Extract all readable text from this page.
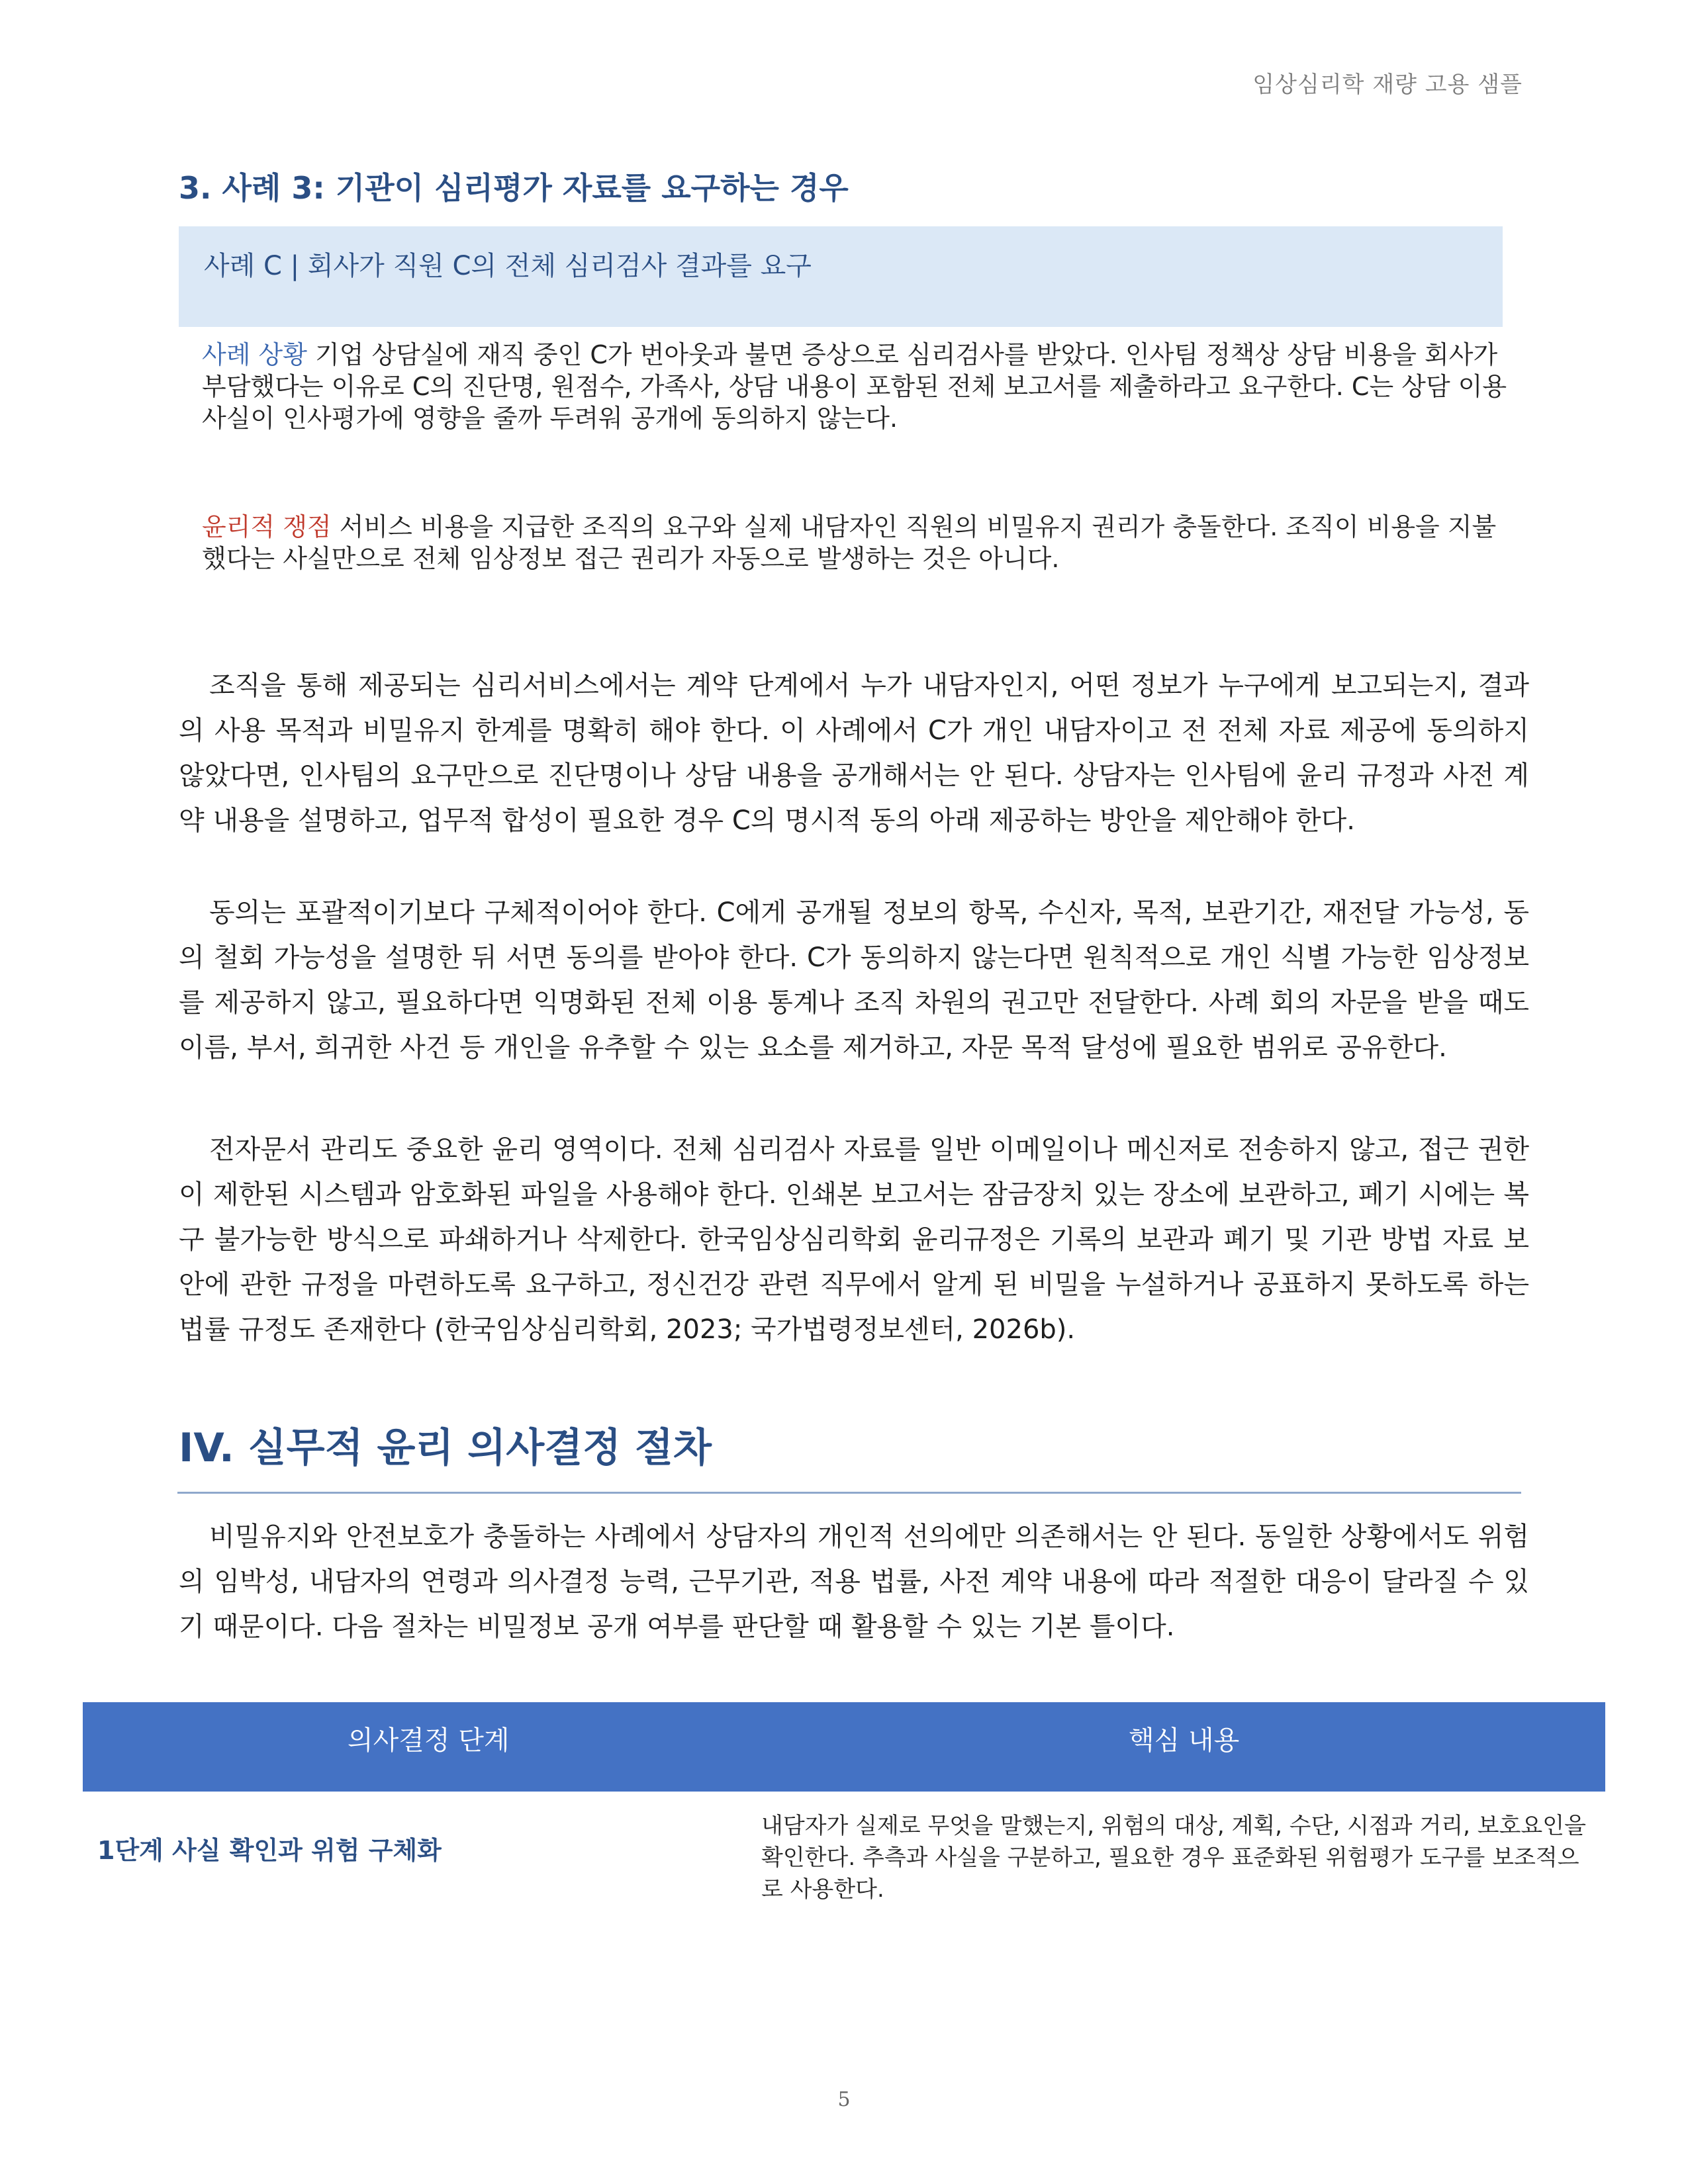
임상심리학 재량 고용 샘플
3. 사례 3: 기관이 심리평가 자료를 요구하는 경우
사례 C | 회사가 직원 C의 전체 심리검사 결과를 요구
사례 상황 기업 상담실에 재직 중인 C가 번아웃과 불면 증상으로 심리검사를 받았다. 인사팀 정책상 상담 비용을 회사가 부담했다는 이유로 C의 진단명, 원점수, 가족사, 상담 내용이 포함된 전체 보고서를 제출하라고 요구한다. C는 상담 이용 사실이 인사평가에 영향을 줄까 두려워 공개에 동의하지 않는다.
윤리적 쟁점 서비스 비용을 지급한 조직의 요구와 실제 내담자인 직원의 비밀유지 권리가 충돌한다. 조직이 비용을 지불했다는 사실만으로 전체 임상정보 접근 권리가 자동으로 발생하는 것은 아니다.
조직을 통해 제공되는 심리서비스에서는 계약 단계에서 누가 내담자인지, 어떤 정보가 누구에게 보고되는지, 결과의 사용 목적과 비밀유지 한계를 명확히 해야 한다. 이 사례에서 C가 개인 내담자이고 전 전체 자료 제공에 동의하지 않았다면, 인사팀의 요구만으로 진단명이나 상담 내용을 공개해서는 안 된다. 상담자는 인사팀에 윤리 규정과 사전 계약 내용을 설명하고, 업무적 합성이 필요한 경우 C의 명시적 동의 아래 제공하는 방안을 제안해야 한다.
동의는 포괄적이기보다 구체적이어야 한다. C에게 공개될 정보의 항목, 수신자, 목적, 보관기간, 재전달 가능성, 동의 철회 가능성을 설명한 뒤 서면 동의를 받아야 한다. C가 동의하지 않는다면 원칙적으로 개인 식별 가능한 임상정보를 제공하지 않고, 필요하다면 익명화된 전체 이용 통계나 조직 차원의 권고만 전달한다. 사례 회의 자문을 받을 때도 이름, 부서, 희귀한 사건 등 개인을 유추할 수 있는 요소를 제거하고, 자문 목적 달성에 필요한 범위로 공유한다.
전자문서 관리도 중요한 윤리 영역이다. 전체 심리검사 자료를 일반 이메일이나 메신저로 전송하지 않고, 접근 권한이 제한된 시스템과 암호화된 파일을 사용해야 한다. 인쇄본 보고서는 잠금장치 있는 장소에 보관하고, 폐기 시에는 복구 불가능한 방식으로 파쇄하거나 삭제한다. 한국임상심리학회 윤리규정은 기록의 보관과 폐기 및 기관 방법 자료 보안에 관한 규정을 마련하도록 요구하고, 정신건강 관련 직무에서 알게 된 비밀을 누설하거나 공표하지 못하도록 하는 법률 규정도 존재한다 (한국임상심리학회, 2023; 국가법령정보센터, 2026b).
IV. 실무적 윤리 의사결정 절차
비밀유지와 안전보호가 충돌하는 사례에서 상담자의 개인적 선의에만 의존해서는 안 된다. 동일한 상황에서도 위험의 임박성, 내담자의 연령과 의사결정 능력, 근무기관, 적용 법률, 사전 계약 내용에 따라 적절한 대응이 달라질 수 있기 때문이다. 다음 절차는 비밀정보 공개 여부를 판단할 때 활용할 수 있는 기본 틀이다.
의사결정 단계	핵심 내용
1단계 사실 확인과 위험 구체화
내담자가 실제로 무엇을 말했는지, 위험의 대상, 계획, 수단, 시점과 거리, 보호요인을 확인한다. 추측과 사실을 구분하고, 필요한 경우 표준화된 위험평가 도구를 보조적으로 사용한다.
5
